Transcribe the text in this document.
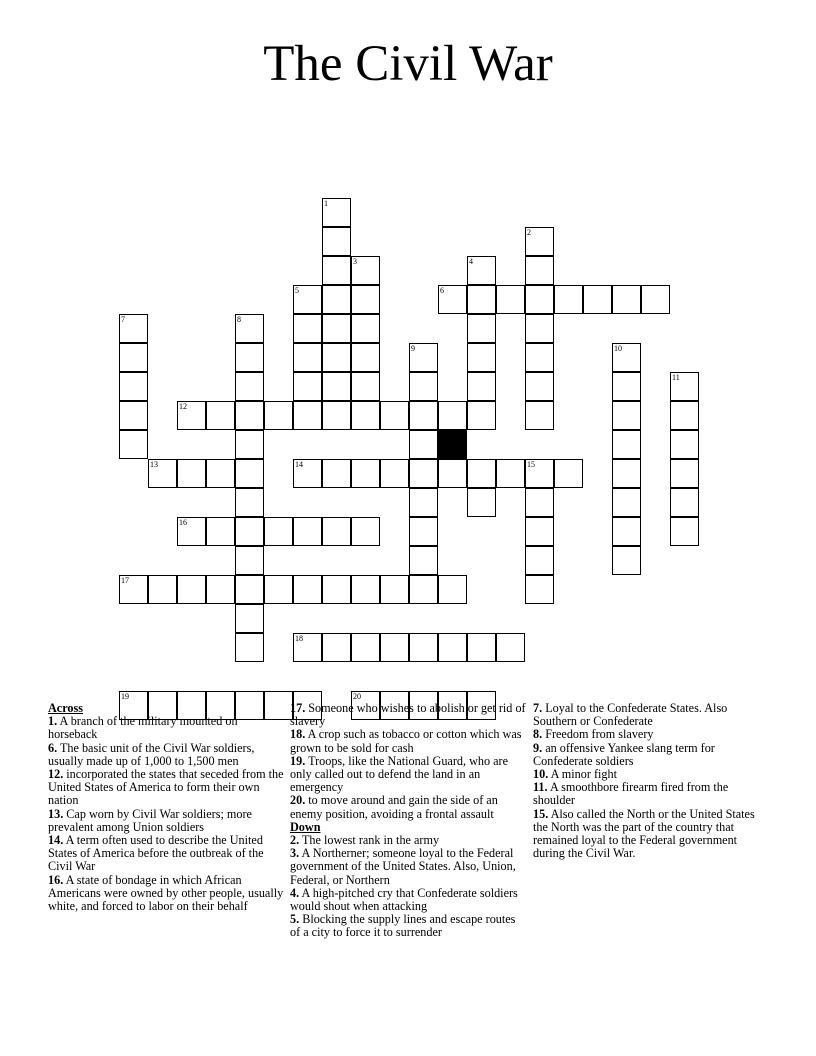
The Civil War
1
2
3	4
5	6
7	8
9	10
11
12
13	14	15
16
17
18
19	20

Across

1. A branch of the military mounted on horseback

6. The basic unit of the Civil War soldiers, usually made up of 1,000 to 1,500 men

12. incorporated the states that seceded from the United States of America to form their own nation

13. Cap worn by Civil War soldiers; more prevalent among Union soldiers

14. A term often used to describe the United States of America before the outbreak of the Civil War

16. A state of bondage in which African Americans were owned by other people, usually white, and forced to labor on their behalf

17. Someone who wishes to abolish or get rid of slavery

18. A crop such as tobacco or cotton which was grown to be sold for cash

19. Troops, like the National Guard, who are only called out to defend the land in an emergency

20. to move around and gain the side of an enemy position, avoiding a frontal assault

Down

2. The lowest rank in the army

3. A Northerner; someone loyal to the Federal government of the United States. Also, Union, Federal, or Northern

4. A high-pitched cry that Confederate soldiers would shout when attacking

5. Blocking the supply lines and escape routes of a city to force it to surrender

7. Loyal to the Confederate States. Also Southern or Confederate

8. Freedom from slavery

9. an offensive Yankee slang term for Confederate soldiers

10. A minor fight

11. A smoothbore firearm fired from the shoulder

15. Also called the North or the United States the North was the part of the country that remained loyal to the Federal government during the Civil War.
